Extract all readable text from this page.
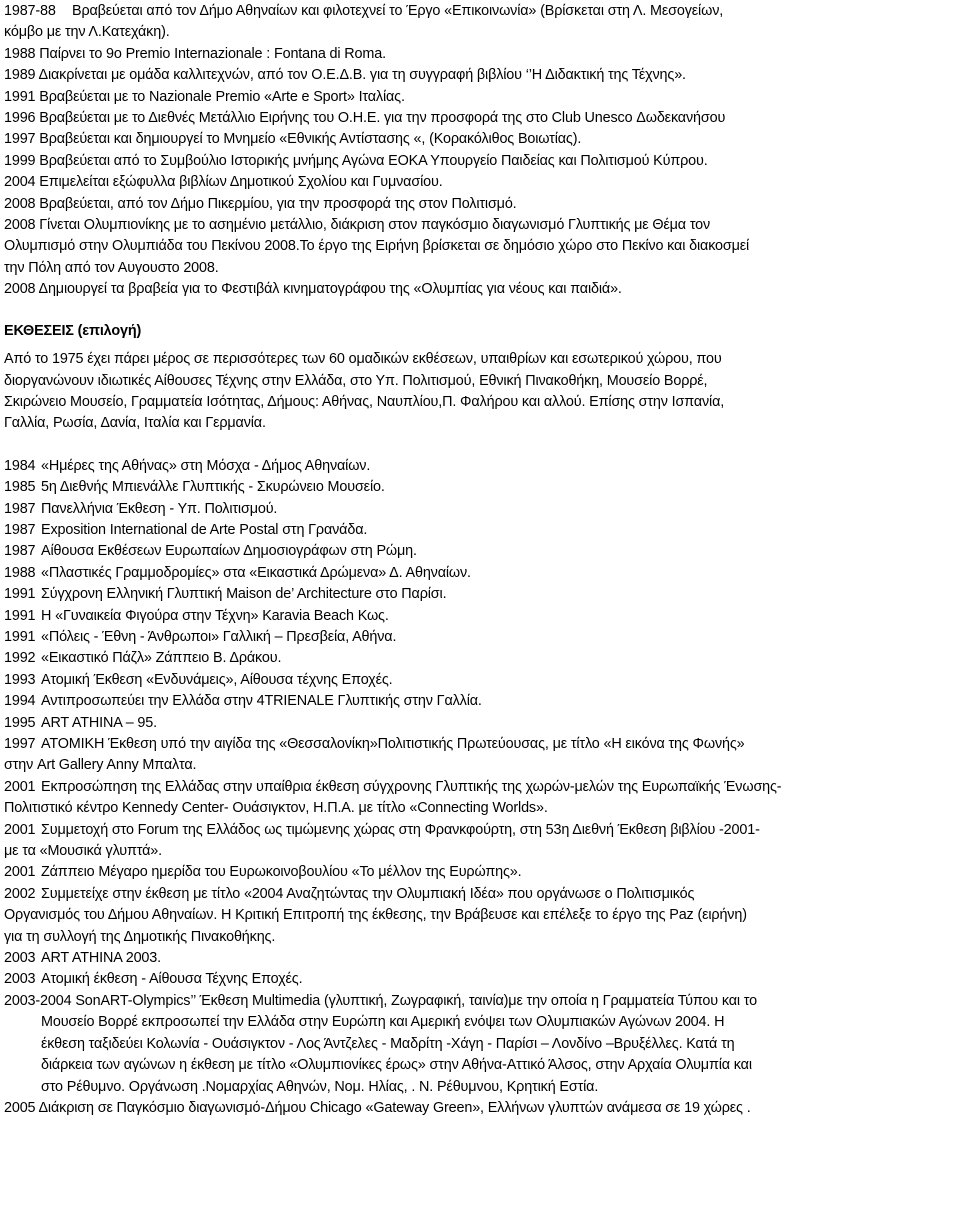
1987-88 Βραβεύεται από τον Δήμο Αθηναίων και φιλοτεχνεί το Έργο «Επικοινωνία» (Βρίσκεται στη Λ. Μεσογείων,
κόμβο με την Λ.Κατεχάκη).
1988 Παίρνει το 9ο Premio Internazionale : Fontana di Roma.
1989 Διακρίνεται με ομάδα καλλιτεχνών, από τον Ο.Ε.Δ.Β. για τη συγγραφή βιβλίου ‘’Η Διδακτική της Τέχνης».
1991 Βραβεύεται με το Nazionale Premio «Arte e Sport» Ιταλίας.
1996 Βραβεύεται με το Διεθνές Μετάλλιο Ειρήνης του Ο.Η.Ε. για την προσφορά της στο Club Unesco Δωδεκανήσου
1997 Βραβεύεται και δημιουργεί το Μνημείο «Εθνικής Αντίστασης «, (Κορακόλιθος Βοιωτίας).
1999 Βραβεύεται από το Συμβούλιο Ιστορικής μνήμης Αγώνα ΕΟΚΑ Υπουργείο Παιδείας και Πολιτισμού Κύπρου.
2004 Επιμελείται εξώφυλλα βιβλίων Δημοτικού Σχολίου και Γυμνασίου.
2008 Βραβεύεται, από τον Δήμο Πικερμίου, για την προσφορά της στον Πολιτισμό.
2008 Γίνεται Ολυμπιονίκης με το ασημένιο μετάλλιο, διάκριση στον παγκόσμιο διαγωνισμό Γλυπτικής με Θέμα τον
Ολυμπισμό στην Ολυμπιάδα του Πεκίνου 2008.Το έργο της Ειρήνη βρίσκεται σε δημόσιο χώρο στο Πεκίνο και διακοσμεί
την Πόλη από τον Αυγουστο 2008.
2008 Δημιουργεί τα βραβεία για το Φεστιβάλ κινηματογράφου της «Ολυμπίας για νέους και παιδιά».
ΕΚΘΕΣΕΙΣ (επιλογή)
Από το 1975 έχει πάρει μέρος σε περισσότερες των 60 ομαδικών εκθέσεων, υπαιθρίων και εσωτερικού χώρου, που
διοργανώνουν ιδιωτικές Αίθουσες Τέχνης στην Ελλάδα, στο Υπ. Πολιτισμού, Εθνική Πινακοθήκη, Μουσείο Βορρέ,
Σκιρώνειο Μουσείο, Γραμματεία Ισότητας, Δήμους: Αθήνας, Ναυπλίου,Π. Φαλήρου και αλλού. Επίσης στην Ισπανία,
Γαλλία, Ρωσία, Δανία, Ιταλία και Γερμανία.
1984 «Ημέρες της Αθήνας» στη Μόσχα - Δήμος Αθηναίων.
1985 5η Διεθνής Μπιενάλλε Γλυπτικής - Σκυρώνειο Μουσείο.
1987 Πανελλήνια Έκθεση - Υπ. Πολιτισμού.
1987 Exposition International de Arte Postal στη Γρανάδα.
1987 Αίθουσα Εκθέσεων Ευρωπαίων Δημοσιογράφων στη Ρώμη.
1988 «Πλαστικές Γραμμοδρομίες» στα «Εικαστικά Δρώμενα» Δ. Αθηναίων.
1991 Σύγχρονη Ελληνική Γλυπτική Maison de’ Architecture στο Παρίσι.
1991 Η «Γυναικεία Φιγούρα στην Τέχνη» Karavia Beach Κως.
1991 «Πόλεις - Έθνη - Άνθρωποι» Γαλλική – Πρεσβεία, Αθήνα.
1992 «Εικαστικό Πάζλ» Ζάππειο Β. Δράκου.
1993 Ατομική Έκθεση «Ενδυνάμεις», Αίθουσα τέχνης Εποχές.
1994 Αντιπροσωπεύει την Ελλάδα στην 4TRIENALE Γλυπτικής στην Γαλλία.
1995 ART ATHINA – 95.
1997 ΑΤΟΜΙΚΗ Έκθεση υπό την αιγίδα της «Θεσσαλονίκη»Πολιτιστικής Πρωτεύουσας, με τίτλο «Η εικόνα της Φωνής»
στην Art Gallery Anny Μπαλτα.
2001 Εκπροσώπηση της Ελλάδας στην υπαίθρια έκθεση σύγχρονης Γλυπτικής της χωρών-μελών της Ευρωπαϊκής Ένωσης-
Πολιτιστικό κέντρο Kennedy Center- Ουάσιγκτον, Η.Π.Α. με τίτλο «Connecting Worlds».
2001 Συμμετοχή στο Forum της Ελλάδος ως τιμώμενης χώρας στη Φρανκφούρτη, στη 53η Διεθνή Έκθεση βιβλίου -2001-
με τα «Μουσικά γλυπτά».
2001 Ζάππειο Μέγαρο ημερίδα του Ευρωκοινοβουλίου «Το μέλλον της Ευρώπης».
2002 Συμμετείχε στην έκθεση με τίτλο «2004 Αναζητώντας την Ολυμπιακή Ιδέα» που οργάνωσε ο Πολιτισμικός
Οργανισμός του Δήμου Αθηναίων. Η Κριτική Επιτροπή της έκθεσης, την Βράβευσε και επέλεξε το έργο της Paz (ειρήνη)
για τη συλλογή της Δημοτικής Πινακοθήκης.
2003 ART ATHINA 2003.
2003 Ατομική έκθεση - Αίθουσα Τέχνης Εποχές.
2003-2004 SonART-Olympics’’ Έκθεση Multimedia (γλυπτική, Ζωγραφική, ταινία)με την οποία η Γραμματεία Τύπου και το
Μουσείο Βορρέ εκπροσωπεί την Ελλάδα στην Ευρώπη και Αμερική ενόψει των Ολυμπιακών Αγώνων 2004. Η
έκθεση ταξιδεύει Κολωνία - Ουάσιγκτον - Λος Άντζελες - Μαδρίτη -Χάγη - Παρίσι – Λονδίνο –Βρυξέλλες. Κατά τη
διάρκεια των αγώνων η έκθεση με τίτλο «Ολυμπιονίκες έρως» στην Αθήνα-Αττικό Άλσος, στην Αρχαία Ολυμπία και
στο Ρέθυμνο. Οργάνωση .Νομαρχίας Αθηνών, Νομ. Ηλίας, . Ν. Ρέθυμνου, Κρητική Εστία.
2005 Διάκριση σε Παγκόσμιο διαγωνισμό-Δήμου Chicago «Gateway Green», Ελλήνων γλυπτών ανάμεσα σε 19 χώρες .
